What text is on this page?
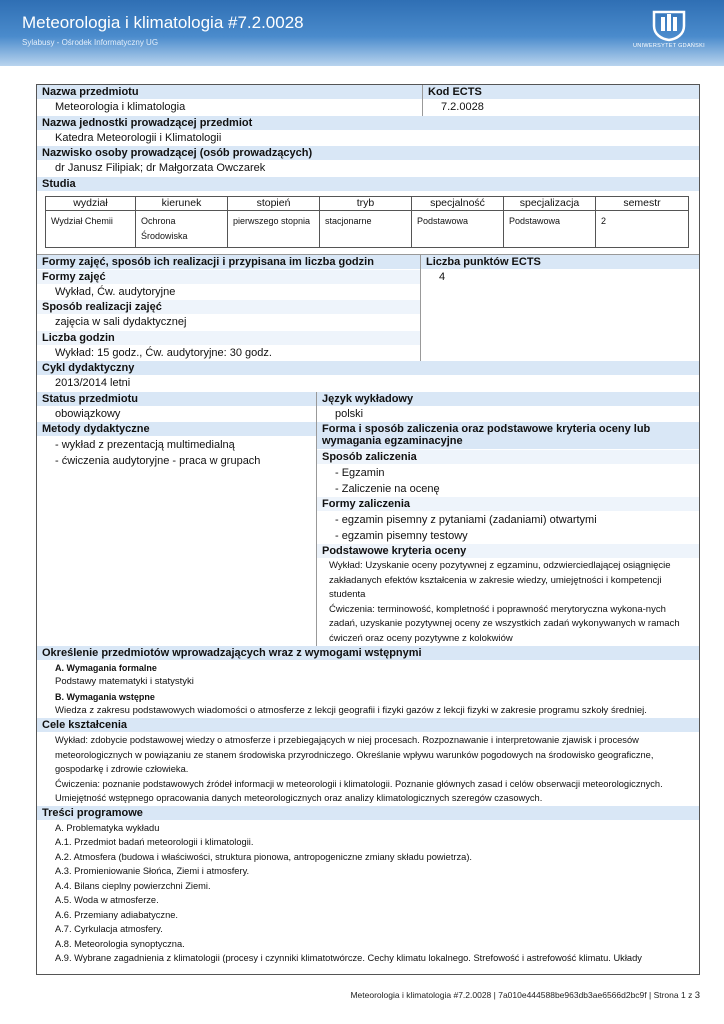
Meteorologia i klimatologia #7.2.0028
Sylabusy - Ośrodek Informatyczny UG	UNIWERSYTET GDAŃSKI
Nazwa przedmiotu
Meteorologia i klimatologia
Kod ECTS
7.2.0028
Nazwa jednostki prowadzącej przedmiot
Katedra Meteorologii i Klimatologii
Nazwisko osoby prowadzącej (osób prowadzących)
dr Janusz Filipiak; dr Małgorzata Owczarek
Studia
wydział	kierunek	stopień	tryb	specjalność	specjalizacja	semestr
Wydział Chemii	Ochrona Środowiska	pierwszego stopnia	stacjonarne	Podstawowa	Podstawowa	2
Formy zajęć, sposób ich realizacji i przypisana im liczba godzin
Formy zajęć
Wykład, Ćw. audytoryjne
Sposób realizacji zajęć
zajęcia w sali dydaktycznej
Liczba godzin
Wykład: 15 godz., Ćw. audytoryjne: 30 godz.
Liczba punktów ECTS
4
Cykl dydaktyczny
2013/2014 letni
Status przedmiotu
obowiązkowy
Język wykładowy
polski
Metody dydaktyczne
- wykład z prezentacją multimedialną
- ćwiczenia audytoryjne - praca w grupach
Forma i sposób zaliczenia oraz podstawowe kryteria oceny lub wymagania egzaminacyjne
Sposób zaliczenia
- Egzamin
- Zaliczenie na ocenę
Formy zaliczenia
- egzamin pisemny z pytaniami (zadaniami) otwartymi
- egzamin pisemny testowy
Podstawowe kryteria oceny
Wykład: Uzyskanie oceny pozytywnej z egzaminu, odzwierciedlającej osiągnięcie
zakładanych efektów kształcenia w zakresie wiedzy, umiejętności i kompetencji
studenta
Ćwiczenia: terminowość, kompletność i poprawność merytoryczna wykona-nych
zadań, uzyskanie pozytywnej oceny ze wszystkich zadań wykonywanych w ramach
ćwiczeń oraz oceny pozytywne z kolokwiów
Określenie przedmiotów wprowadzających wraz z wymogami wstępnymi
A. Wymagania formalne
Podstawy matematyki i statystyki
B. Wymagania wstępne
Wiedza z zakresu podstawowych wiadomości o atmosferze z lekcji geografii i fizyki gazów z lekcji fizyki w zakresie programu szkoły średniej.
Cele kształcenia
Wykład: zdobycie podstawowej wiedzy o atmosferze i przebiegających w niej procesach. Rozpoznawanie i interpretowanie zjawisk i procesów
meteorologicznych w powiązaniu ze stanem środowiska przyrodniczego. Określanie wpływu warunków pogodowych na środowisko geograficzne,
gospodarkę i zdrowie człowieka.
Ćwiczenia: poznanie podstawowych źródeł informacji w meteorologii i klimatologii. Poznanie głównych zasad i celów obserwacji meteorologicznych.
Umiejętność wstępnego opracowania danych meteorologicznych oraz analizy klimatologicznych szeregów czasowych.
Treści programowe
A. Problematyka wykładu
A.1. Przedmiot badań meteorologii i klimatologii.
A.2. Atmosfera (budowa i właściwości, struktura pionowa, antropogeniczne zmiany składu powietrza).
A.3. Promieniowanie Słońca, Ziemi i atmosfery.
A.4. Bilans cieplny powierzchni Ziemi.
A.5. Woda w atmosferze.
A.6. Przemiany adiabatyczne.
A.7. Cyrkulacja atmosfery.
A.8. Meteorologia synoptyczna.
A.9. Wybrane zagadnienia z klimatologii (procesy i czynniki klimatotwórcze. Cechy klimatu lokalnego. Strefowość i astrefowość klimatu. Układy
Meteorologia i klimatologia #7.2.0028 | 7a010e444588be963db3ae6566d2bc9f | Strona 1 z 3
